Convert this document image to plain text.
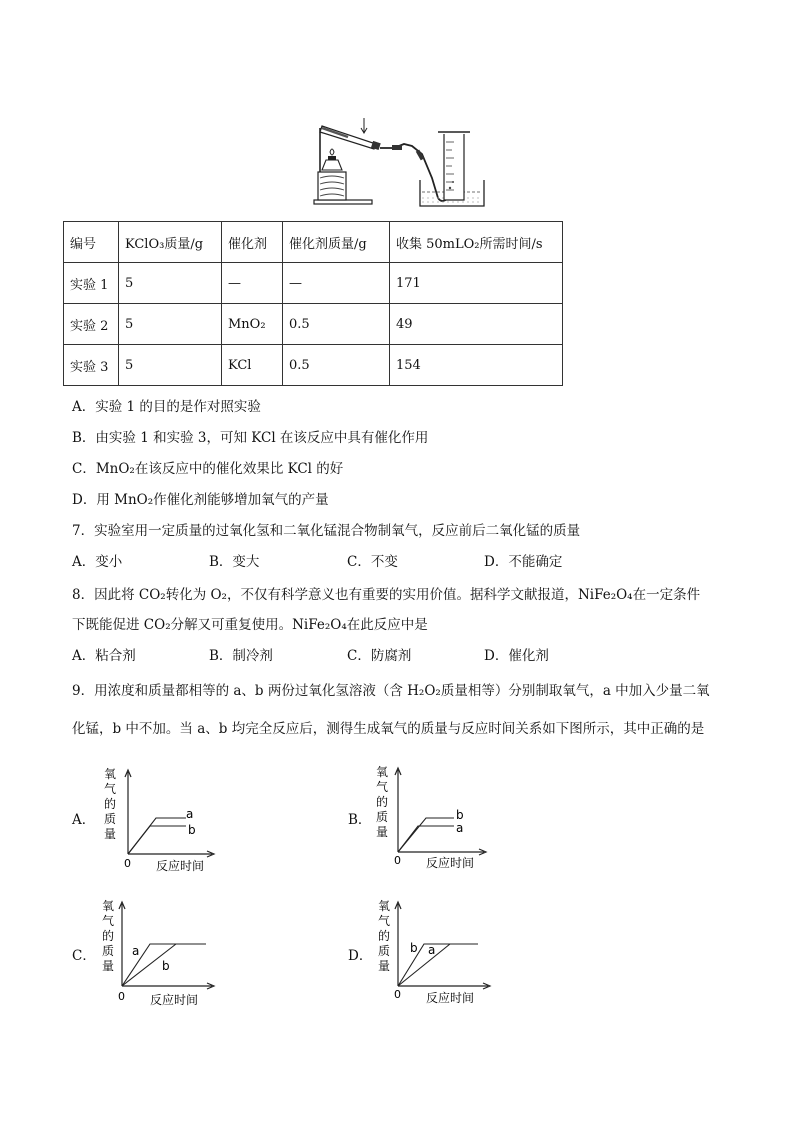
编号	KClO₃质量/g	催化剂	催化剂质量/g	收集 50mLO₂所需时间/s
实验 1	5	—	—	171
实验 2	5	MnO₂	0.5	49
实验 3	5	KCl	0.5	154
A．实验 1 的目的是作对照实验
B．由实验 1 和实验 3，可知 KCl 在该反应中具有催化作用
C．MnO₂在该反应中的催化效果比 KCl 的好
D．用 MnO₂作催化剂能够增加氧气的产量
7．实验室用一定质量的过氧化氢和二氧化锰混合物制氧气，反应前后二氧化锰的质量
A．变小	B．变大	C．不变	D．不能确定
8．因此将 CO₂转化为 O₂，不仅有科学意义也有重要的实用价值。据科学文献报道，NiFe₂O₄在一定条件
下既能促进 CO₂分解又可重复使用。NiFe₂O₄在此反应中是
A．粘合剂	B．制冷剂	C．防腐剂	D．催化剂
9．用浓度和质量都相等的 a、b 两份过氧化氢溶液（含 H₂O₂质量相等）分别制取氧气，a 中加入少量二氧
化锰，b 中不加。当 a、b 均完全反应后，测得生成氧气的质量与反应时间关系如下图所示，其中正确的是
A．	B．
C．	D．
氧
气
的
质
量
a
b
0 反应时间
氧
气
的
质
量
b
a
0 反应时间
氧
气
的
质
量
a
b
0 反应时间
氧
气
的
质
量
b a
0 反应时间
